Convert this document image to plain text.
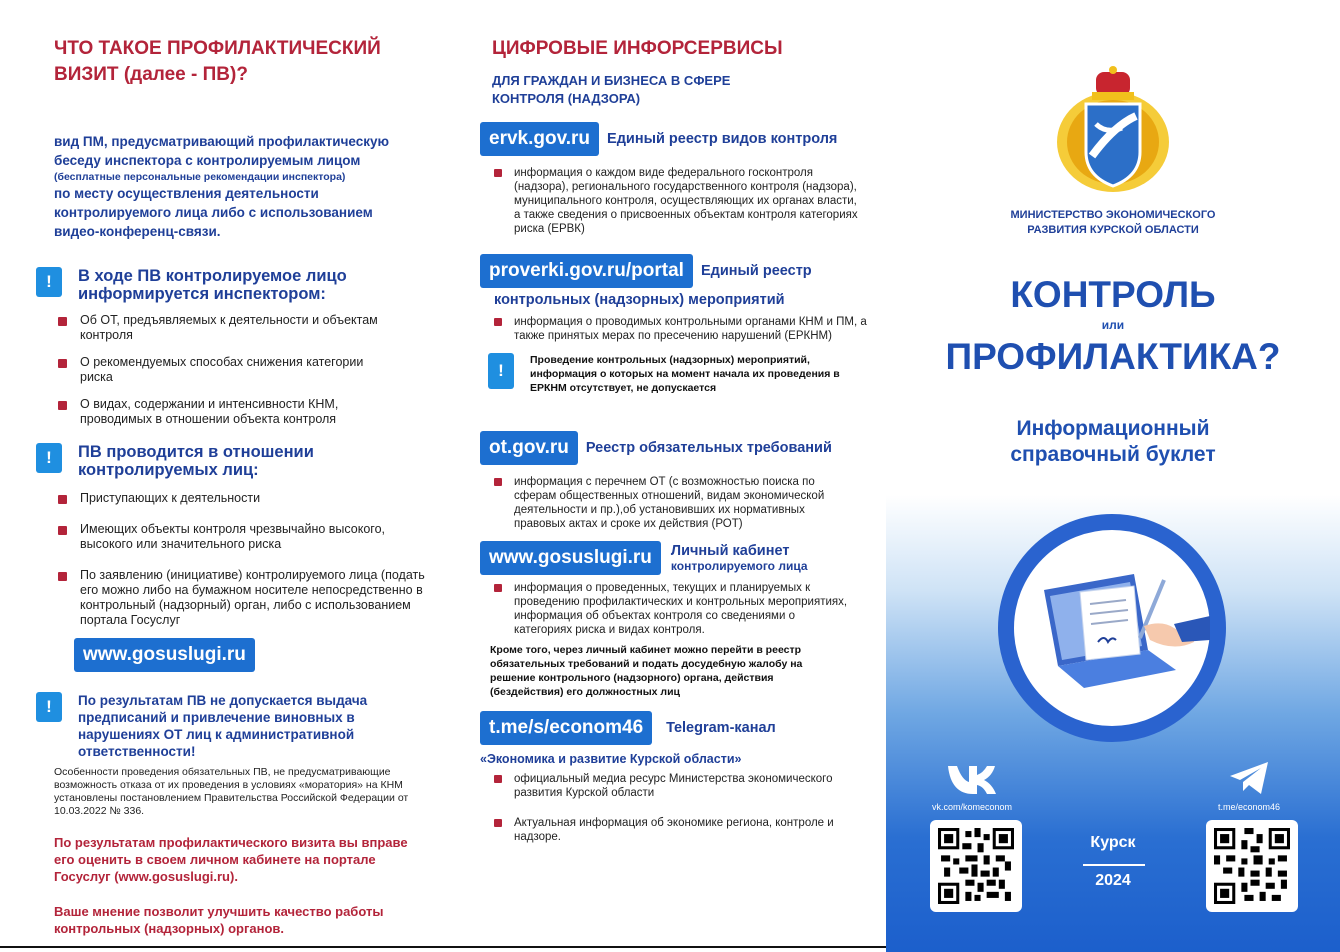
ЧТО ТАКОЕ ПРОФИЛАКТИЧЕСКИЙ ВИЗИТ (далее - ПВ)?
вид ПМ, предусматривающий профилактическую беседу инспектора с контролируемым лицом
(бесплатные персональные рекомендации инспектора)
по месту осуществления деятельности контролируемого лица либо с использованием видео-конференц-связи.
!	В ходе ПВ контролируемое лицо информируется инспектором:
Об ОТ, предъявляемых к деятельности и объектам контроля
О рекомендуемых способах снижения категории риска
О видах, содержании и интенсивности КНМ, проводимых в отношении объекта контроля
!	ПВ проводится в отношении контролируемых лиц:
Приступающих к деятельности
Имеющих объекты контроля чрезвычайно высокого, высокого или значительного риска
По заявлению (инициативе) контролируемого лица (подать его можно либо на бумажном носителе непосредственно в контрольный (надзорный) орган, либо с использованием портала Госуслуг
www.gosuslugi.ru
!	По результатам ПВ не допускается выдача предписаний и привлечение виновных в нарушениях ОТ лиц к административной ответственности!
Особенности проведения обязательных ПВ, не предусматривающие возможность отказа от их проведения в условиях «моратория» на КНМ установлены постановлением Правительства Российской Федерации от 10.03.2022 № 336.
По результатам профилактического визита вы вправе его оценить в своем личном кабинете на портале Госуслуг (www.gosuslugi.ru).
Ваше мнение позволит улучшить качество работы контрольных (надзорных) органов.
ЦИФРОВЫЕ ИНФОРСЕРВИСЫ
ДЛЯ ГРАЖДАН И БИЗНЕСА В СФЕРЕ КОНТРОЛЯ (НАДЗОРА)
ervk.gov.ru	Единый реестр видов контроля
информация о каждом виде федерального госконтроля (надзора), регионального государственного контроля (надзора), муниципального контроля, осуществляющих их органах власти, а также сведения о присвоенных объектам контроля категориях риска (ЕРВК)
proverki.gov.ru/portal	Единый реестр
контрольных (надзорных) мероприятий
информация о проводимых контрольными органами КНМ и ПМ, а также принятых мерах по пресечению нарушений (ЕРКНМ)
!
Проведение контрольных (надзорных) мероприятий, информация о которых на момент начала их проведения в ЕРКНМ отсутствует, не допускается
ot.gov.ru	Реестр обязательных требований
информация с перечнем ОТ (с возможностью поиска по сферам общественных отношений, видам экономической деятельности и пр.),об установивших их нормативных правовых актах и сроке их действия (РОТ)
www.gosuslugi.ru	Личный кабинет
контролируемого лица
информация о проведенных, текущих и планируемых к проведению профилактических и контрольных мероприятиях, информация об объектах контроля со сведениями о категориях риска и видах контроля.
Кроме того, через личный кабинет можно перейти в реестр обязательных требований и подать досудебную жалобу на решение контрольного (надзорного) органа, действия (бездействия) его должностных лиц
t.me/s/econom46	Telegram-канал
«Экономика и развитие Курской области»
официальный медиа ресурс Министерства экономического развития Курской области
Актуальная информация об экономике региона, контроле и надзоре.
МИНИСТЕРСТВО ЭКОНОМИЧЕСКОГО РАЗВИТИЯ КУРСКОЙ ОБЛАСТИ
КОНТРОЛЬ
или
ПРОФИЛАКТИКА?
Информационный справочный буклет
vk.com/komeconom	t.me/econom46
Курск
2024
